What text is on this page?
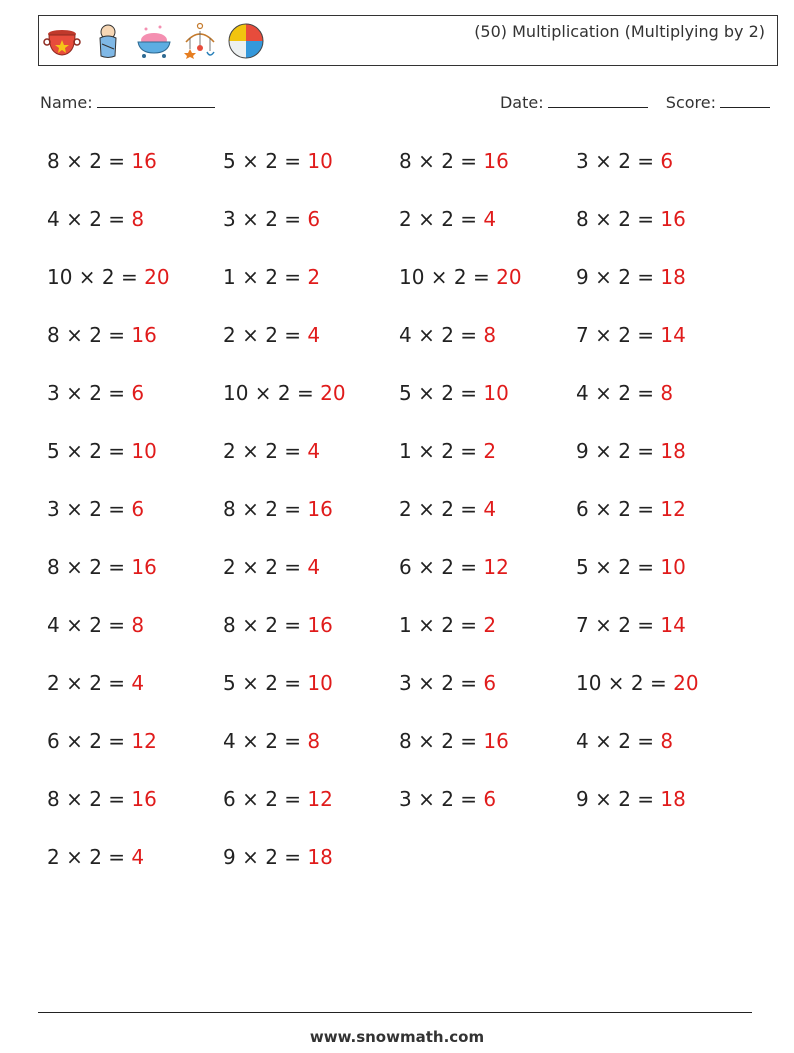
(50) Multiplication (Multiplying by 2)
Name:	Date:	Score:
8 × 2 = 16	5 × 2 = 10	8 × 2 = 16	3 × 2 = 6
4 × 2 = 8	3 × 2 = 6	2 × 2 = 4	8 × 2 = 16
10 × 2 = 20	1 × 2 = 2	10 × 2 = 20	9 × 2 = 18
8 × 2 = 16	2 × 2 = 4	4 × 2 = 8	7 × 2 = 14
3 × 2 = 6	10 × 2 = 20	5 × 2 = 10	4 × 2 = 8
5 × 2 = 10	2 × 2 = 4	1 × 2 = 2	9 × 2 = 18
3 × 2 = 6	8 × 2 = 16	2 × 2 = 4	6 × 2 = 12
8 × 2 = 16	2 × 2 = 4	6 × 2 = 12	5 × 2 = 10
4 × 2 = 8	8 × 2 = 16	1 × 2 = 2	7 × 2 = 14
2 × 2 = 4	5 × 2 = 10	3 × 2 = 6	10 × 2 = 20
6 × 2 = 12	4 × 2 = 8	8 × 2 = 16	4 × 2 = 8
8 × 2 = 16	6 × 2 = 12	3 × 2 = 6	9 × 2 = 18
2 × 2 = 4	9 × 2 = 18
www.snowmath.com
